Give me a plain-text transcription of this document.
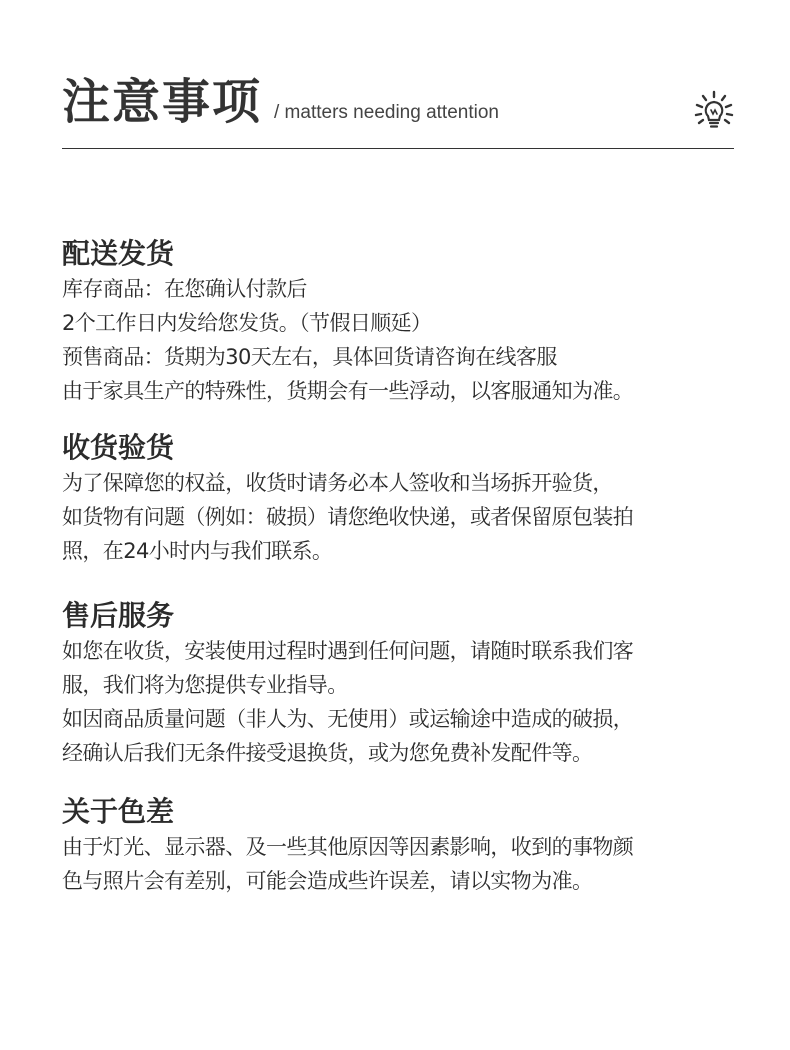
注意事项 / matters needing attention
配送发货

库存商品：在您确认付款后

2个工作日内发给您发货。（节假日顺延）

预售商品：货期为30天左右，具体回货请咨询在线客服

由于家具生产的特殊性，货期会有一些浮动，以客服通知为准。

收货验货

为了保障您的权益，收货时请务必本人签收和当场拆开验货，

如货物有问题（例如：破损）请您绝收快递，或者保留原包装拍

照，在24小时内与我们联系。

售后服务

如您在收货，安装使用过程时遇到任何问题，请随时联系我们客

服，我们将为您提供专业指导。

如因商品质量问题（非人为、无使用）或运输途中造成的破损，

经确认后我们无条件接受退换货，或为您免费补发配件等。

关于色差

由于灯光、显示器、及一些其他原因等因素影响，收到的事物颜

色与照片会有差别，可能会造成些许误差，请以实物为准。
